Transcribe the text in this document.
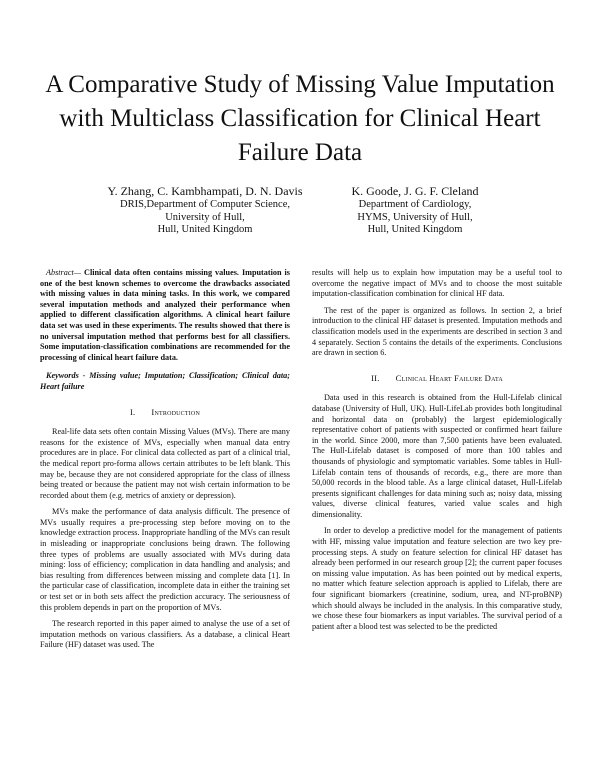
A Comparative Study of Missing Value Imputation with Multiclass Classification for Clinical Heart Failure Data
Y. Zhang, C. Kambhampati, D. N. Davis
DRIS,Department of Computer Science,
University of Hull,
Hull, United Kingdom
K. Goode, J. G. F. Cleland
Department of Cardiology,
HYMS, University of Hull,
Hull, United Kingdom

Abstract— Clinical data often contains missing values. Imputation is one of the best known schemes to overcome the drawbacks associated with missing values in data mining tasks. In this work, we compared several imputation methods and analyzed their performance when applied to different classification algorithms. A clinical heart failure data set was used in these experiments. The results showed that there is no universal imputation method that performs best for all classifiers. Some imputation-classification combinations are recommended for the processing of clinical heart failure data.

Keywords - Missing value; Imputation; Classification; Clinical data; Heart failure

I. Introduction

Real-life data sets often contain Missing Values (MVs). There are many reasons for the existence of MVs, especially when manual data entry procedures are in place. For clinical data collected as part of a clinical trial, the medical report pro-forma allows certain attributes to be left blank. This may be, because they are not considered appropriate for the class of illness being treated or because the patient may not wish certain information to be recorded about them (e.g. metrics of anxiety or depression).

MVs make the performance of data analysis difficult. The presence of MVs usually requires a pre-processing step before moving on to the knowledge extraction process. Inappropriate handling of the MVs can result in misleading or inappropriate conclusions being drawn. The following three types of problems are usually associated with MVs during data mining: loss of efficiency; complication in data handling and analysis; and bias resulting from differences between missing and complete data [1]. In the particular case of classification, incomplete data in either the training set or test set or in both sets affect the prediction accuracy. The seriousness of this problem depends in part on the proportion of MVs.

The research reported in this paper aimed to analyse the use of a set of imputation methods on various classifiers. As a database, a clinical Heart Failure (HF) dataset was used. The

results will help us to explain how imputation may be a useful tool to overcome the negative impact of MVs and to choose the most suitable imputation-classification combination for clinical HF data.

The rest of the paper is organized as follows. In section 2, a brief introduction to the clinical HF dataset is presented. Imputation methods and classification models used in the experiments are described in section 3 and 4 separately. Section 5 contains the details of the experiments. Conclusions are drawn in section 6.

II. Clinical Heart Failure Data

Data used in this research is obtained from the Hull-Lifelab clinical database (University of Hull, UK). Hull-LifeLab provides both longitudinal and horizontal data on (probably) the largest epidemiologically representative cohort of patients with suspected or confirmed heart failure in the world. Since 2000, more than 7,500 patients have been evaluated. The Hull-Lifelab dataset is composed of more than 100 tables and thousands of physiologic and symptomatic variables. Some tables in Hull-Lifelab contain tens of thousands of records, e.g., there are more than 50,000 records in the blood table. As a large clinical dataset, Hull-Lifelab presents significant challenges for data mining such as; noisy data, missing values, diverse clinical features, varied value scales and high dimensionality.

In order to develop a predictive model for the management of patients with HF, missing value imputation and feature selection are two key pre-processing steps. A study on feature selection for clinical HF dataset has already been performed in our research group [2]; the current paper focuses on missing value imputation. As has been pointed out by medical experts, no matter which feature selection approach is applied to Lifelab, there are four significant biomarkers (creatinine, sodium, urea, and NT-proBNP) which should always be included in the analysis. In this comparative study, we chose these four biomarkers as input variables. The survival period of a patient after a blood test was selected to be the predicted
